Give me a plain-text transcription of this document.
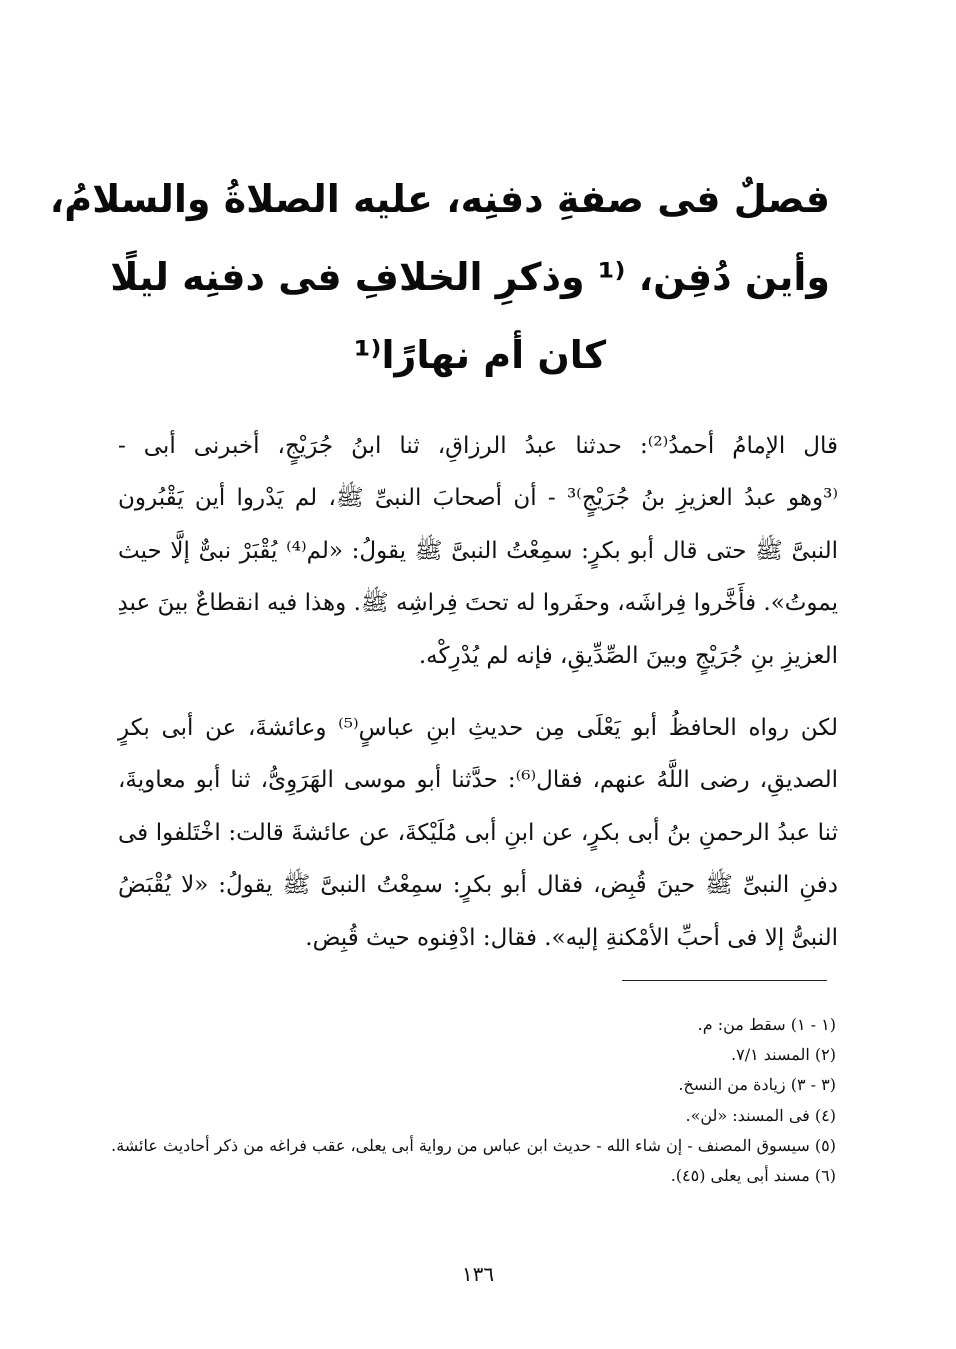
فصلٌ فى صفةِ دفنِه، عليه الصلاةُ والسلامُ،
وأين دُفِن، ⁽¹ وذكرِ الخلافِ فى دفنِه ليلًا
كان أم نهارًا⁽¹
قال الإمامُ أحمدُ⁽²⁾: حدثنا عبدُ الرزاقِ، ثنا ابنُ جُرَيْجٍ، أخبرنى أبى -
⁽³وهو عبدُ العزيزِ بنُ جُرَيْجٍ⁾³ - أن أصحابَ النبىِّ ﷺ، لم يَدْروا أين يَقْبُرون
النبىَّ ﷺ حتى قال أبو بكرٍ: سمِعْتُ النبىَّ ﷺ يقولُ: «لم⁽⁴⁾ يُقْبَرْ نبىٌّ إلَّا حيث
يموتُ». فأَخَّروا فِراشَه، وحفَروا له تحتَ فِراشِه ﷺ. وهذا فيه انقطاعٌ بينَ عبدِ
العزيزِ بنِ جُرَيْجٍ وبينَ الصِّدِّيقِ، فإنه لم يُدْرِكْه.
لكن رواه الحافظُ أبو يَعْلَى مِن حديثِ ابنِ عباسٍ⁽⁵⁾ وعائشةَ، عن أبى بكرٍ
الصديقِ، رضى اللَّهُ عنهم، فقال⁽⁶⁾: حدَّثنا أبو موسى الهَرَوِىُّ، ثنا أبو معاويةَ،
ثنا عبدُ الرحمنِ بنُ أبى بكرٍ، عن ابنِ أبى مُلَيْكةَ، عن عائشةَ قالت: اخْتَلفوا فى
دفنِ النبىِّ ﷺ حينَ قُبِض، فقال أبو بكرٍ: سمِعْتُ النبىَّ ﷺ يقولُ: «لا يُقْبَضُ
النبىُّ إلا فى أحبِّ الأمْكنةِ إليه». فقال: ادْفِنوه حيث قُبِض.
(١ - ١) سقط من: م.
(٢) المسند ٧/١.
(٣ - ٣) زيادة من النسخ.
(٤) فى المسند: «لن».
(٥) سيسوق المصنف - إن شاء الله - حديث ابن عباس من رواية أبى يعلى، عقب فراغه من ذكر أحاديث عائشة.
(٦) مسند أبى يعلى (٤٥).
١٣٦
